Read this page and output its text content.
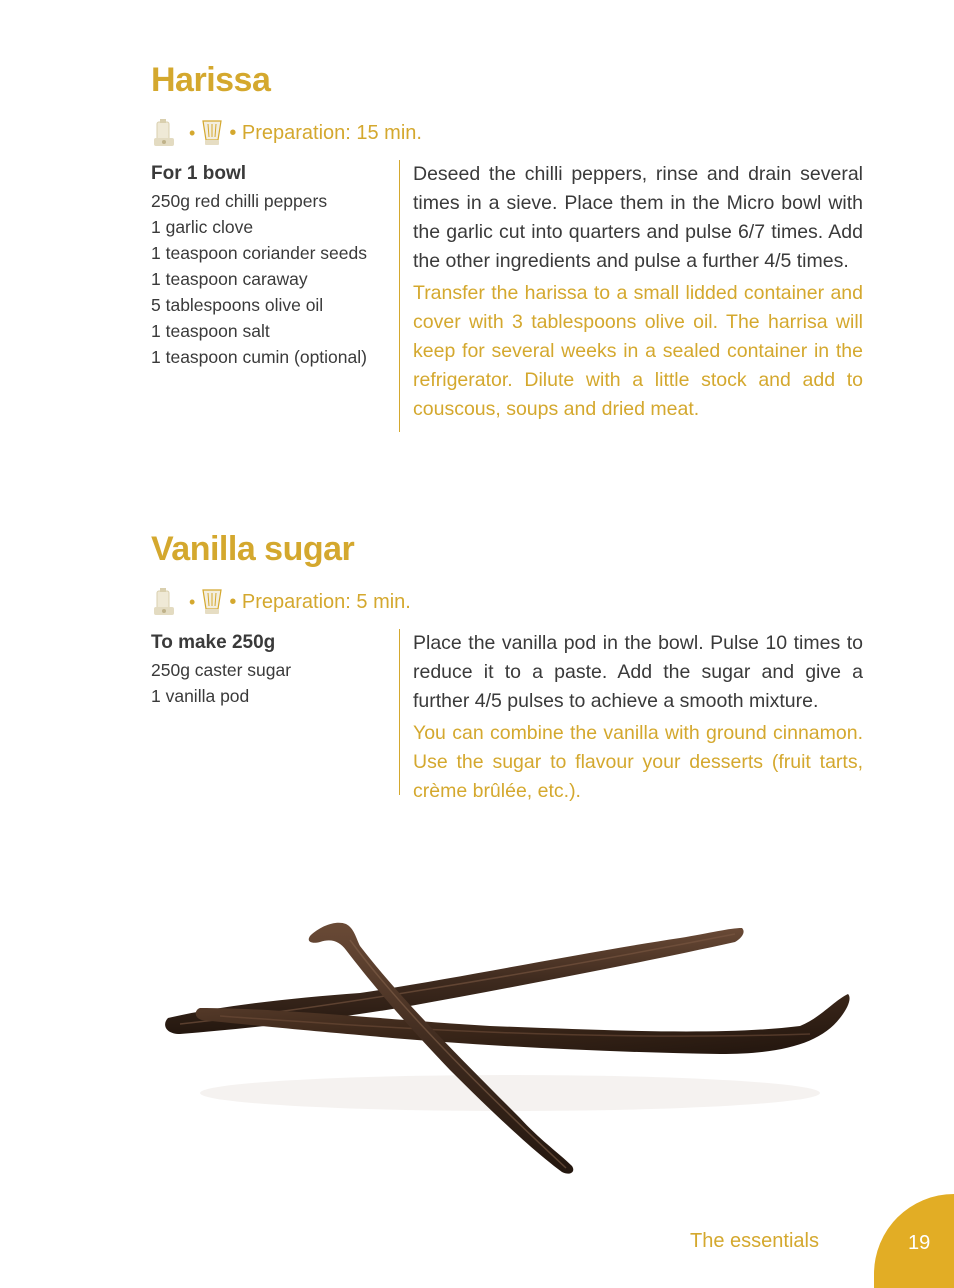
Harissa
• • Preparation: 15 min.
For 1 bowl
250g red chilli peppers
1 garlic clove
1 teaspoon coriander seeds
1 teaspoon caraway
5 tablespoons olive oil
1 teaspoon salt
1 teaspoon cumin (optional)

Deseed the chilli peppers, rinse and drain several times in a sieve. Place them in the Micro bowl with the garlic cut into quarters and pulse 6/7 times. Add the other ingredients and pulse a further 4/5 times.

Transfer the harissa to a small lidded container and cover with 3 tablespoons olive oil. The harrisa will keep for several weeks in a sealed container in the refrigerator. Dilute with a little stock and add to couscous, soups and dried meat.

Vanilla sugar
• • Preparation: 5 min.
To make 250g
250g caster sugar
1 vanilla pod

Place the vanilla pod in the bowl. Pulse 10 times to reduce it to a paste. Add the sugar and give a further 4/5 pulses to achieve a smooth mixture.

You can combine the vanilla with ground cinnamon. Use the sugar to flavour your desserts (fruit tarts, crème brûlée, etc.).

The essentials	19
